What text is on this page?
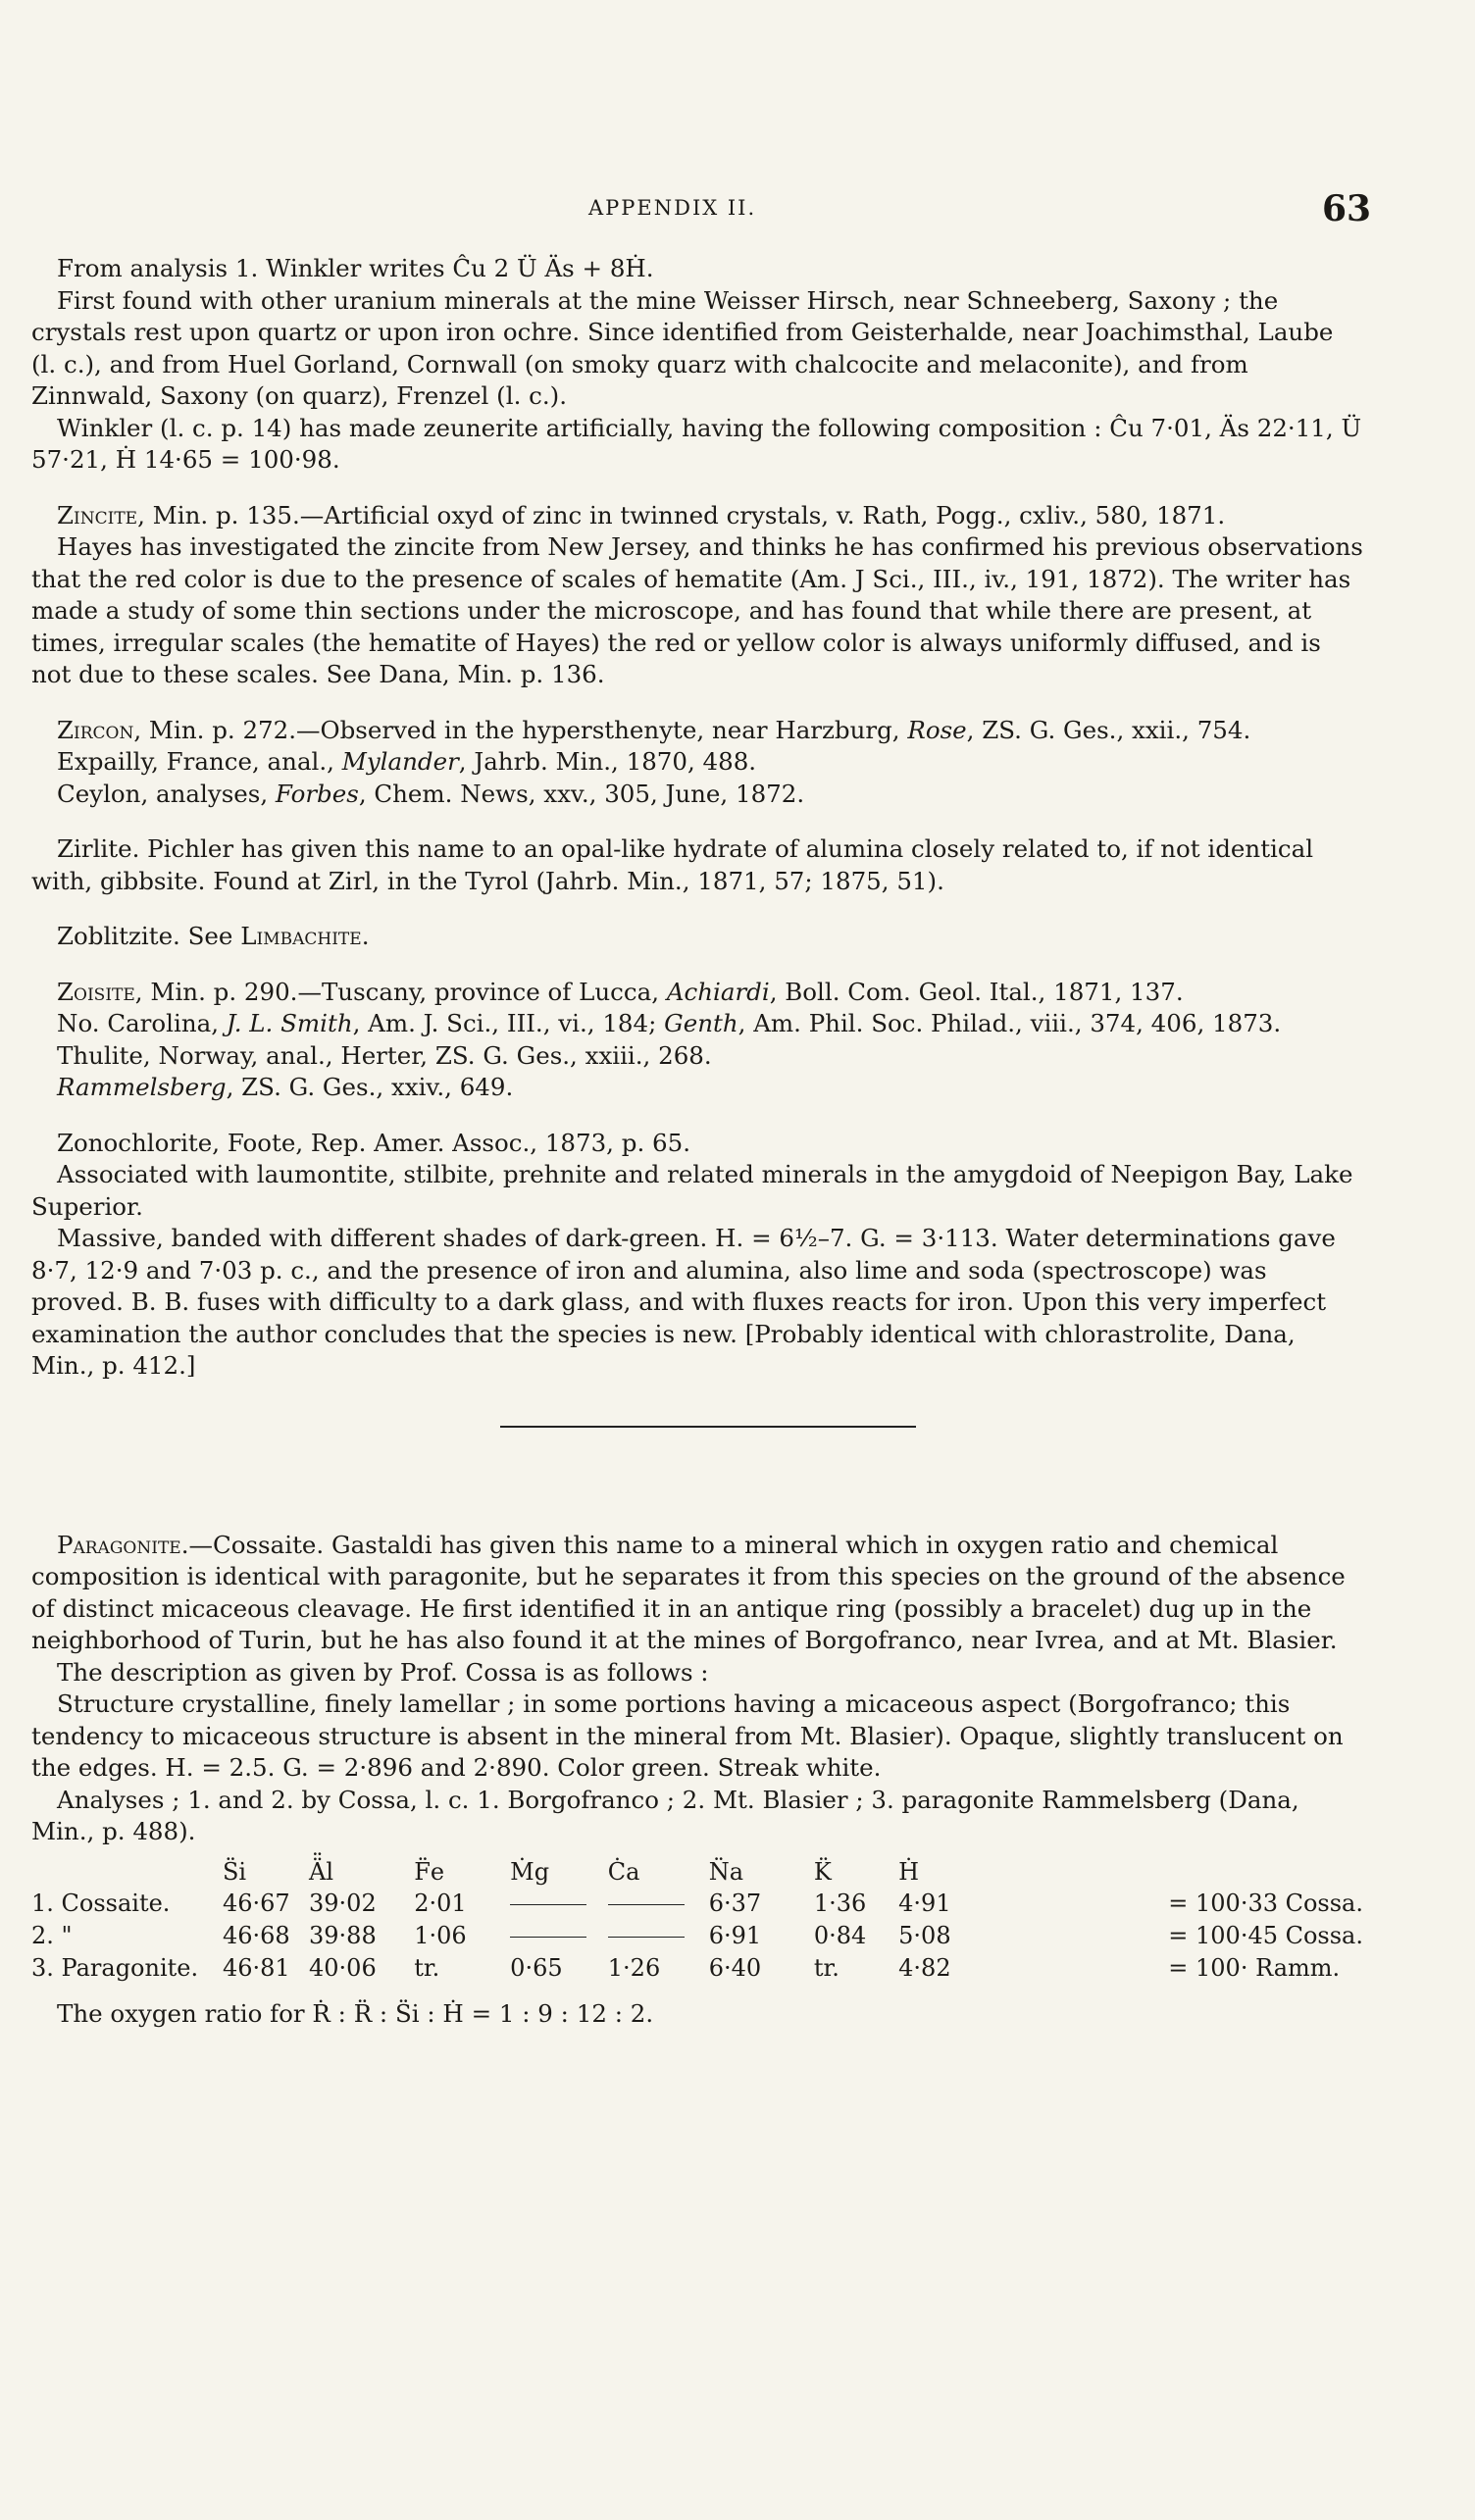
APPENDIX II.	63

From analysis 1. Winkler writes Ĉu 2 Ü Äs + 8Ḣ.

First found with other uranium minerals at the mine Weisser Hirsch, near Schneeberg, Saxony ; the crystals rest upon quartz or upon iron ochre. Since identified from Geisterhalde, near Joachimsthal, Laube (l. c.), and from Huel Gorland, Cornwall (on smoky quarz with chalcocite and melaconite), and from Zinnwald, Saxony (on quarz), Frenzel (l. c.).

Winkler (l. c. p. 14) has made zeunerite artificially, having the following composition : Ĉu 7·01, Äs 22·11, Ü 57·21, Ḣ 14·65 = 100·98.

Zincite, Min. p. 135.—Artificial oxyd of zinc in twinned crystals, v. Rath, Pogg., cxliv., 580, 1871.

Hayes has investigated the zincite from New Jersey, and thinks he has confirmed his previous observations that the red color is due to the presence of scales of hematite (Am. J Sci., III., iv., 191, 1872). The writer has made a study of some thin sections under the microscope, and has found that while there are present, at times, irregular scales (the hematite of Hayes) the red or yellow color is always uniformly diffused, and is not due to these scales. See Dana, Min. p. 136.

Zircon, Min. p. 272.—Observed in the hypersthenyte, near Harzburg, Rose, ZS. G. Ges., xxii., 754.

Expailly, France, anal., Mylander, Jahrb. Min., 1870, 488.

Ceylon, analyses, Forbes, Chem. News, xxv., 305, June, 1872.

Zirlite. Pichler has given this name to an opal-like hydrate of alumina closely related to, if not identical with, gibbsite. Found at Zirl, in the Tyrol (Jahrb. Min., 1871, 57; 1875, 51).

Zoblitzite. See Limbachite.

Zoisite, Min. p. 290.—Tuscany, province of Lucca, Achiardi, Boll. Com. Geol. Ital., 1871, 137.

No. Carolina, J. L. Smith, Am. J. Sci., III., vi., 184; Genth, Am. Phil. Soc. Philad., viii., 374, 406, 1873.

Thulite, Norway, anal., Herter, ZS. G. Ges., xxiii., 268.

Rammelsberg, ZS. G. Ges., xxiv., 649.

Zonochlorite, Foote, Rep. Amer. Assoc., 1873, p. 65.

Associated with laumontite, stilbite, prehnite and related minerals in the amygdoid of Neepigon Bay, Lake Superior.

Massive, banded with different shades of dark-green. H. = 6½–7. G. = 3·113. Water determinations gave 8·7, 12·9 and 7·03 p. c., and the presence of iron and alumina, also lime and soda (spectroscope) was proved. B. B. fuses with difficulty to a dark glass, and with fluxes reacts for iron. Upon this very imperfect examination the author concludes that the species is new. [Probably identical with chlorastrolite, Dana, Min., p. 412.]

Paragonite.—Cossaite. Gastaldi has given this name to a mineral which in oxygen ratio and chemical composition is identical with paragonite, but he separates it from this species on the ground of the absence of distinct micaceous cleavage. He first identified it in an antique ring (possibly a bracelet) dug up in the neighborhood of Turin, but he has also found it at the mines of Borgofranco, near Ivrea, and at Mt. Blasier.

The description as given by Prof. Cossa is as follows :

Structure crystalline, finely lamellar ; in some portions having a micaceous aspect (Borgofranco; this tendency to micaceous structure is absent in the mineral from Mt. Blasier). Opaque, slightly translucent on the edges. H. = 2.5. G. = 2·896 and 2·890. Color green. Streak white.

Analyses ; 1. and 2. by Cossa, l. c. 1. Borgofranco ; 2. Mt. Blasier ; 3. paragonite Rammelsberg (Dana, Min., p. 488).

	S̈i	Ä̈l	F̈e	Ṁg	Ċa	N̈a	K̈	Ḣ	
1. Cossaite.	46·67	39·02	2·01			6·37	1·36	4·91	= 100·33 Cossa.
2. "	46·68	39·88	1·06			6·91	0·84	5·08	= 100·45 Cossa.
3. Paragonite.	46·81	40·06	tr.	0·65	1·26	6·40	tr.	4·82	= 100· Ramm.

The oxygen ratio for Ṙ : R̈ : S̈i : Ḣ = 1 : 9 : 12 : 2.
